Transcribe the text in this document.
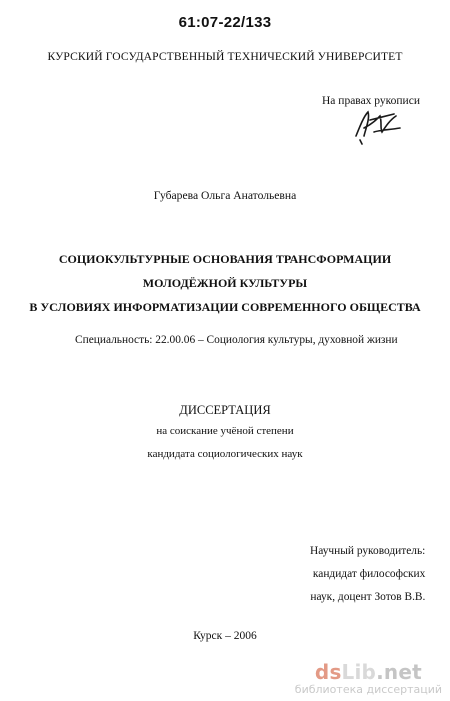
61:07-22/133
КУРСКИЙ ГОСУДАРСТВЕННЫЙ ТЕХНИЧЕСКИЙ УНИВЕРСИТЕТ
На правах рукописи
Губарева Ольга Анатольевна
СОЦИОКУЛЬТУРНЫЕ ОСНОВАНИЯ ТРАНСФОРМАЦИИ
МОЛОДЁЖНОЙ КУЛЬТУРЫ
В УСЛОВИЯХ ИНФОРМАТИЗАЦИИ СОВРЕМЕННОГО ОБЩЕСТВА
Специальность: 22.00.06 – Социология культуры, духовной жизни
ДИССЕРТАЦИЯ
на соискание учёной степени
кандидата социологических наук
Научный руководитель:
кандидат философских
наук, доцент Зотов В.В.
Курск – 2006
dsLib.net
библиотека диссертаций
